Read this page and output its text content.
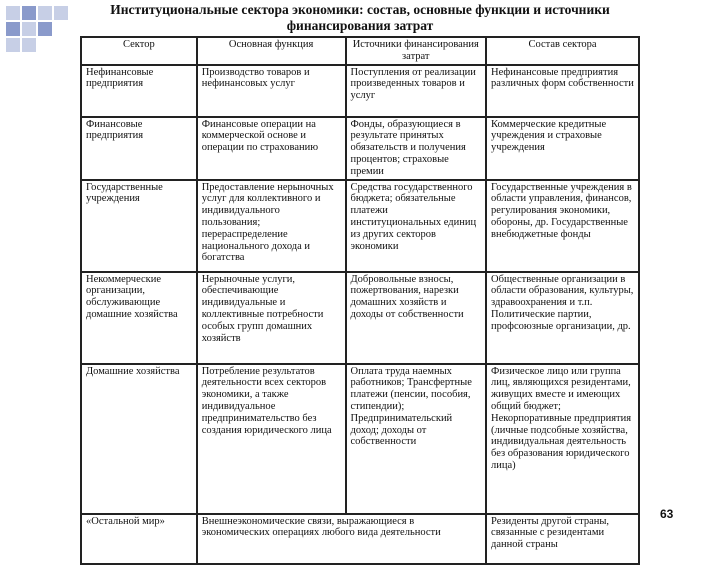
Институциональные сектора экономики: состав, основные функции и источники
финансирования затрат
Сектор	Основная функция	Источники финансирования затрат	Состав сектора
Нефинансовые предприятия	Производство товаров и нефинансовых услуг	Поступления от реализации произведенных товаров и услуг	Нефинансовые предприятия различных форм собственности
Финансовые предприятия	Финансовые операции на коммерческой основе и операции по страхованию	Фонды, образующиеся в результате принятых обязательств и получения процентов; страховые премии	Коммерческие кредитные учреждения и страховые учреждения
Государственные учреждения	Предоставление нерыночных услуг для коллективного и индивидуального пользования; перераспределение национального дохода и богатства	Средства государственного бюджета; обязательные платежи институциональных единиц из других секторов экономики	Государственные учреждения в области управления, финансов, регулирования экономики, обороны, др. Государственные внебюджетные фонды
Некоммерческие организации, обслуживающие домашние хозяйства	Нерыночные услуги, обеспечивающие индивидуальные и коллективные потребности особых групп домашних хозяйств	Добровольные взносы, пожертвования, нарезки домашних хозяйств и доходы от собственности	Общественные организации в области образования, культуры, здравоохранения и т.п. Политические партии, профсоюзные организации, др.
Домашние хозяйства	Потребление результатов деятельности всех секторов экономики, а также индивидуальное предпринимательство без создания юридического лица	Оплата труда наемных работников; Трансфертные платежи (пенсии, пособия, стипендии); Предпринимательский доход; доходы от собственности	Физическое лицо или группа лиц, являющихся резидентами, живущих вместе и имеющих общий бюджет; Некорпоративные предприятия (личные подсобные хозяйства, индивидуальная деятельность без образования юридического лица)
«Остальной мир»	Внешнеэкономические связи, выражающиеся в экономических операциях любого вида деятельности		Резиденты другой страны, связанные с резидентами данной страны
63
